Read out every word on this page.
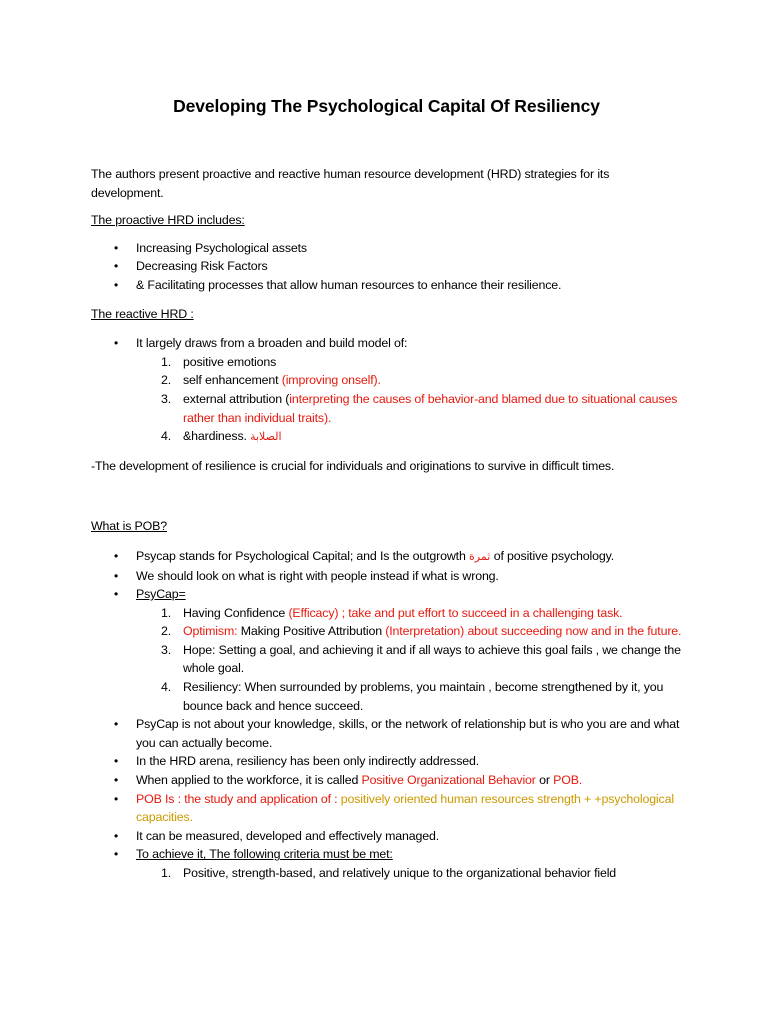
Developing The Psychological Capital Of Resiliency

The authors present proactive and reactive human resource development (HRD) strategies for its development.

The proactive HRD includes:

• Increasing Psychological assets
• Decreasing Risk Factors
• & Facilitating processes that allow human resources to enhance their resilience.

The reactive HRD :

• It largely draws from a broaden and build model of:
1. positive emotions
2. self enhancement (improving onself).
3. external attribution (interpreting the causes of behavior-and blamed due to situational causes rather than individual traits).
4. &hardiness. الصلابة

-The development of resilience is crucial for individuals and originations to survive in difficult times.

What is POB?

• Psycap stands for Psychological Capital; and Is the outgrowth ثمرة of positive psychology.
• We should look on what is right with people instead if what is wrong.
• PsyCap=
1. Having Confidence (Efficacy) ; take and put effort to succeed in a challenging task.
2. Optimism: Making Positive Attribution (Interpretation) about succeeding now and in the future.
3. Hope: Setting a goal, and achieving it and if all ways to achieve this goal fails , we change the whole goal.
4. Resiliency: When surrounded by problems, you maintain , become strengthened by it, you bounce back and hence succeed.
• PsyCap is not about your knowledge, skills, or the network of relationship but is who you are and what you can actually become.
• In the HRD arena, resiliency has been only indirectly addressed.
• When applied to the workforce, it is called Positive Organizational Behavior or POB.
• POB Is : the study and application of : positively oriented human resources strength + +psychological capacities.
• It can be measured, developed and effectively managed.
• To achieve it, The following criteria must be met:
1. Positive, strength-based, and relatively unique to the organizational behavior field
